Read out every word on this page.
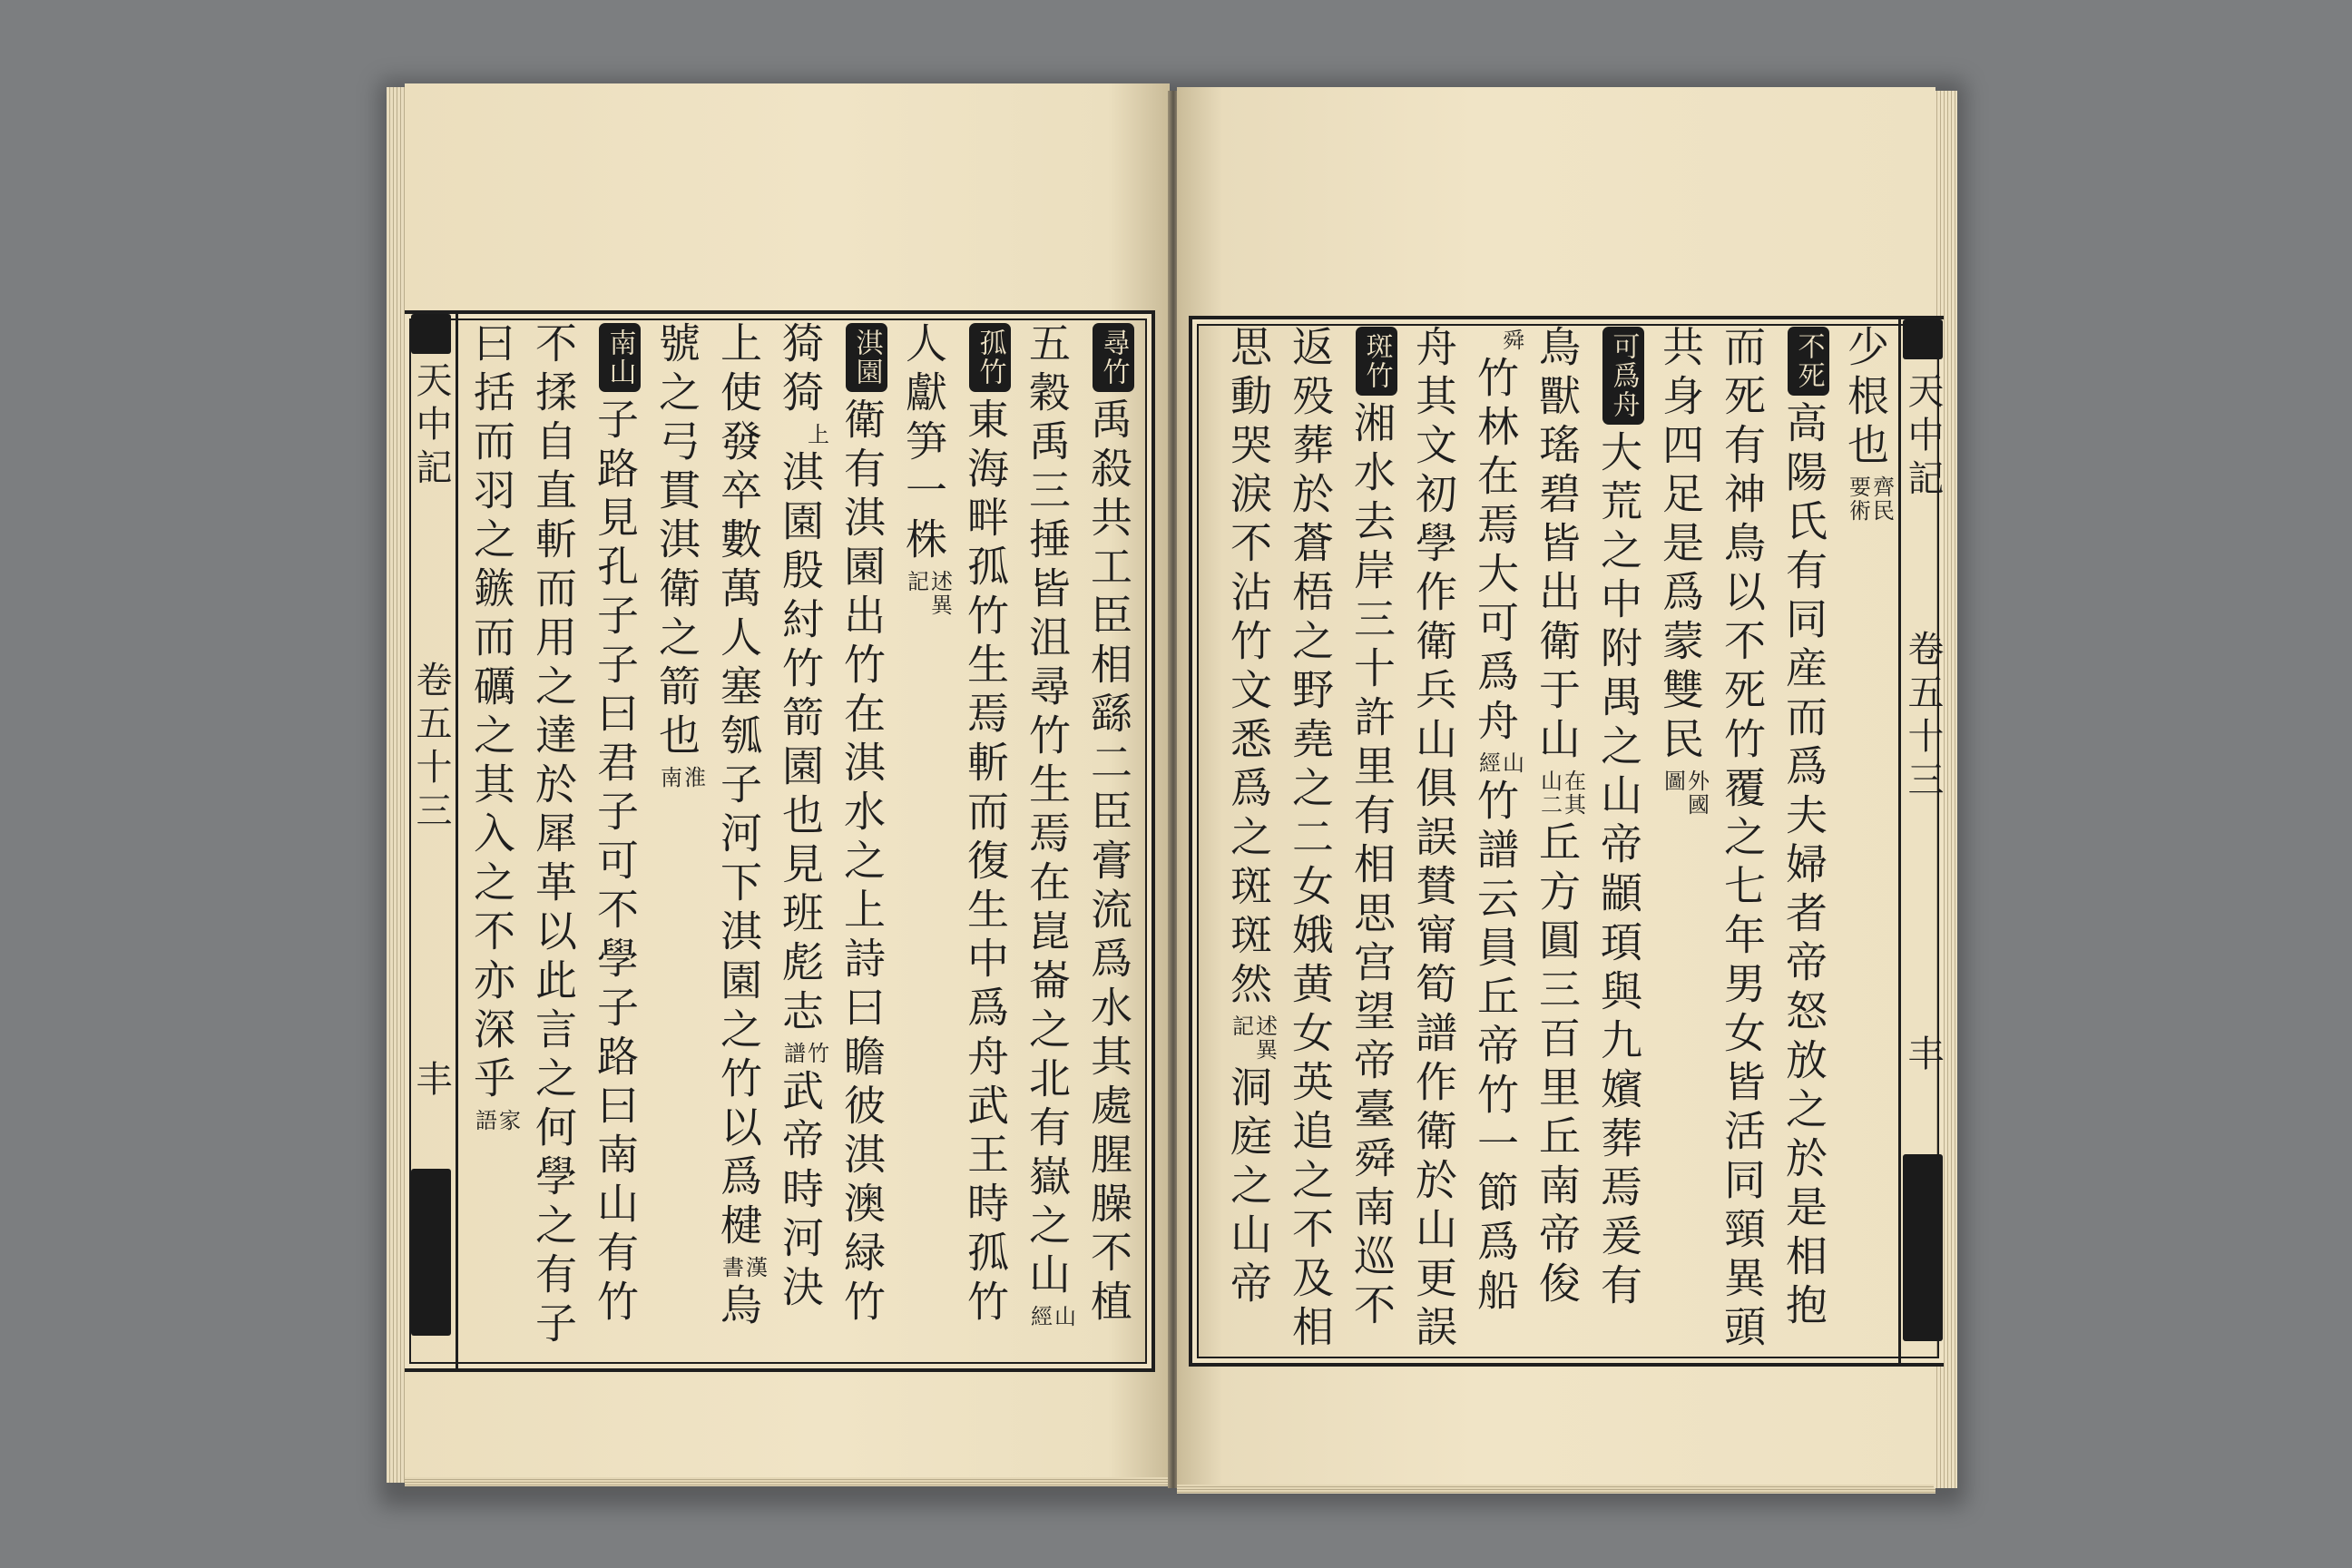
天中記
卷五十三
丰
天中記
卷五十三
丰
尋竹禹殺共工臣相繇二臣膏流爲水其處腥臊不植
五穀禹三捶皆沮尋竹生焉在崑崙之北有嶽之山山經
孤竹東海畔孤竹生焉斬而復生中爲舟武王時孤竹
人獻笋一株述異記
淇園衛有淇園出竹在淇水之上詩曰瞻彼淇澳緑竹
猗猗上淇園殷紂竹箭園也見班彪志竹譜武帝時河決
上使發卒數萬人塞瓠子河下淇園之竹以爲楗漢書烏
號之弓貫淇衛之箭也淮南
南山子路見孔子子曰君子可不學子路曰南山有竹
不揉自直斬而用之達於犀革以此言之何學之有子
曰括而羽之鏃而礪之其入之不亦深乎家語
少根也齊民要術
不死高陽氏有同産而爲夫婦者帝怒放之於是相抱
而死有神鳥以不死竹覆之七年男女皆活同頸異頭
共身四足是爲蒙雙民外國圖
可爲舟大荒之中附禺之山帝顓頊與九嬪葬焉爰有
鳥獸瑤碧皆出衛于山在其山二丘方圓三百里丘南帝俊
舜竹林在焉大可爲舟山經竹譜云員丘帝竹一節爲船
舟其文初學作衛兵山俱誤賛甯筍譜作衛於山更誤
斑竹湘水去岸三十許里有相思宫望帝臺舜南巡不
返殁葬於蒼梧之野堯之二女娥黄女英追之不及相
思動哭淚不沾竹文悉爲之斑斑然述異記洞庭之山帝
